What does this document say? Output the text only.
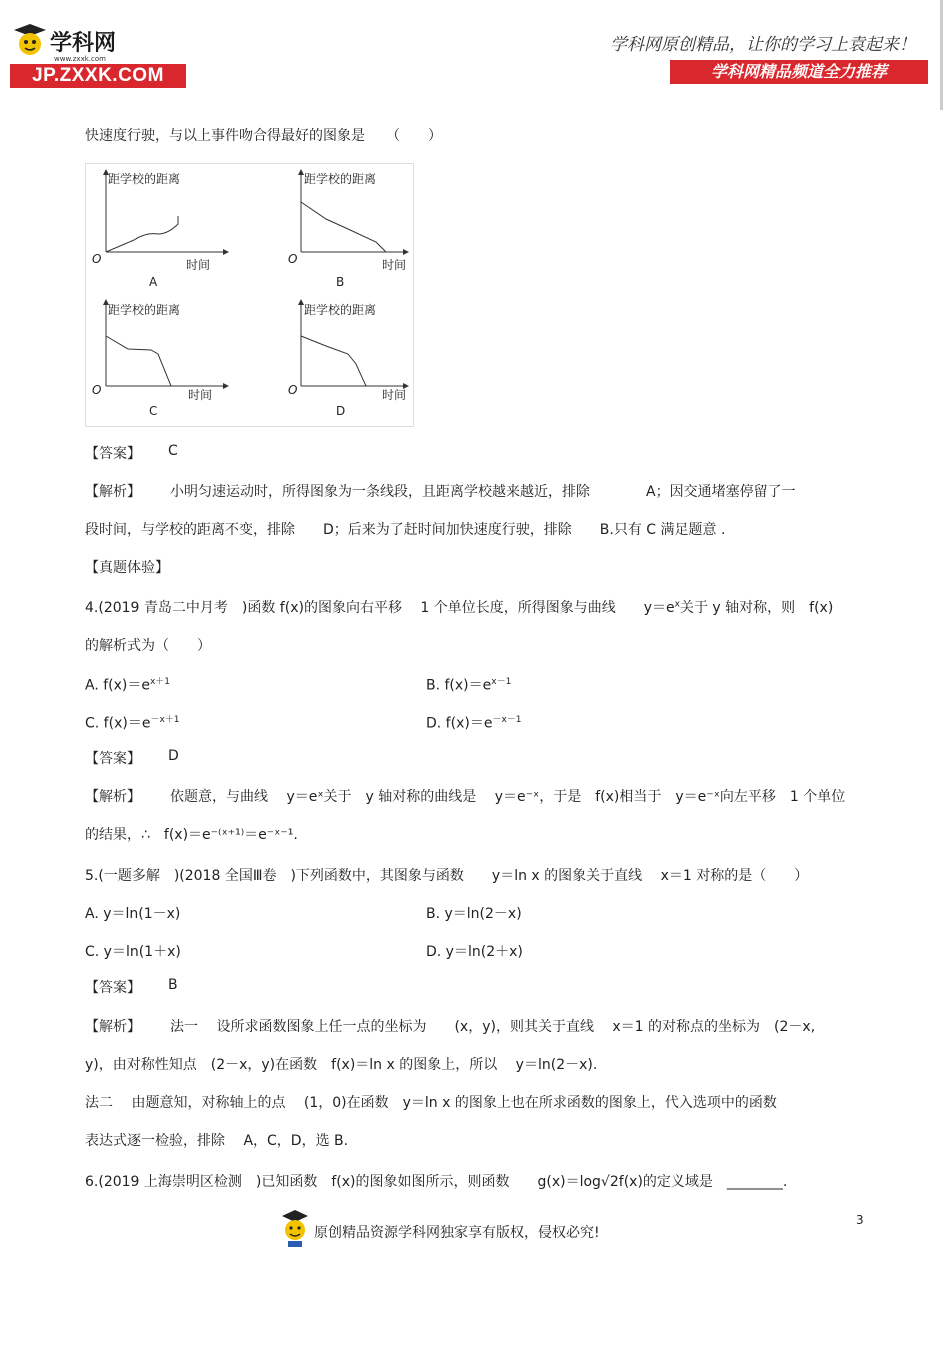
学科网
www.zxxk.com
JP.ZXXK.COM
学科网原创精品，让你的学习上袁起来！
学科网精品频道全力推荐
快速度行驶，与以上事件吻合得最好的图象是　　（　　）
距学校的距离	距学校的距离
距学校的距离	距学校的距离
时间	时间
时间	时间
O	O
O	O
A	B
C	D
【答案】 C
【解析】 小明匀速运动时，所得图象为一条线段，且距离学校越来越近，排除　　　　A；因交通堵塞停留了一
段时间，与学校的距离不变，排除　　D；后来为了赶时间加快速度行驶，排除　　B.只有 C 满足题意 .
【真题体验】
4.(2019 青岛二中月考　)函数 f(x)的图象向右平移　 1 个单位长度，所得图象与曲线　　$y=e^x$关于 y 轴对称，则　f(x)
的解析式为（　　）
A. $f(x)=e^{x+1}$	B. $f(x)=e^{x-1}$
C. $f(x)=e^{-x+1}$	D. $f(x)=e^{-x-1}$
【答案】 D
【解析】 依题意，与曲线　 y＝eˣ关于　y 轴对称的曲线是　 y＝e⁻ˣ，于是　f(x)相当于　y＝e⁻ˣ向左平移　1 个单位
的结果，∴　f(x)＝e⁻⁽ˣ⁺¹⁾＝e⁻ˣ⁻¹.
5.(一题多解　)(2018 全国Ⅲ卷　)下列函数中，其图象与函数　　y＝ln x 的图象关于直线　 x＝1 对称的是（　　）
A. y＝ln(1－x)	B. y＝ln(2－x)
C. y＝ln(1＋x)	D. y＝ln(2＋x)
【答案】 B
【解析】 法一　 设所求函数图象上任一点的坐标为　　(x，y)，则其关于直线　 x＝1 的对称点的坐标为　(2－x,
y)，由对称性知点　(2－x，y)在函数　f(x)＝ln x 的图象上，所以　 y＝ln(2－x).
法二　 由题意知，对称轴上的点　 (1，0)在函数　y＝ln x 的图象上也在所求函数的图象上，代入选项中的函数
表达式逐一检验，排除　 A，C，D，选 B.
6.(2019 上海崇明区检测　)已知函数　f(x)的图象如图所示，则函数　　g(x)＝log√2f(x)的定义域是　________.
3
原创精品资源学科网独家享有版权，侵权必究!
